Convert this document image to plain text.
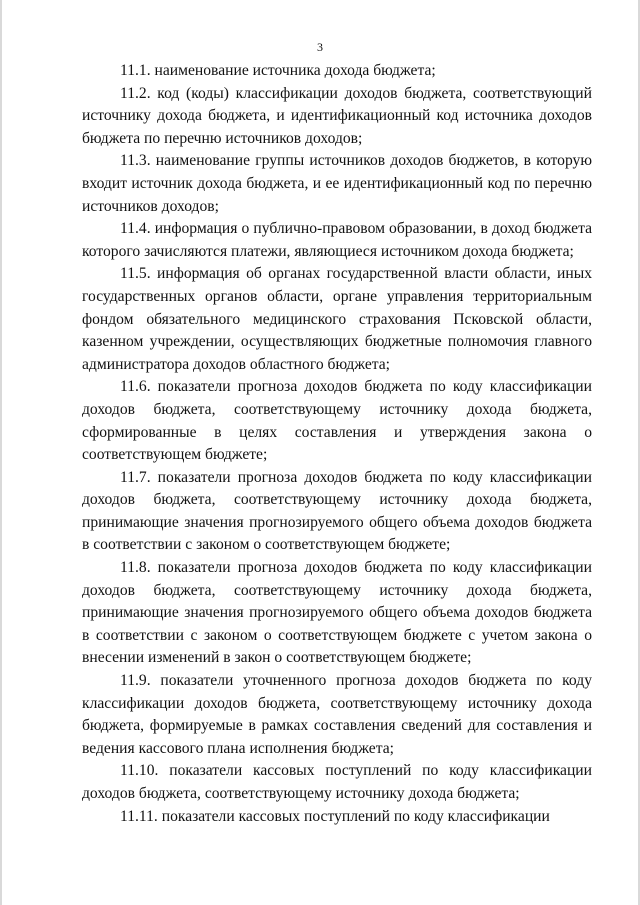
3

11.1. наименование источника дохода бюджета;

11.2. код (коды) классификации доходов бюджета, соответствующий источнику дохода бюджета, и идентификационный код источника доходов бюджета по перечню источников доходов;

11.3. наименование группы источников доходов бюджетов, в которую входит источник дохода бюджета, и ее идентификационный код по перечню источников доходов;

11.4. информация о публично-правовом образовании, в доход бюджета которого зачисляются платежи, являющиеся источником дохода бюджета;

11.5. информация об органах государственной власти области, иных государственных органов области, органе управления территориальным фондом обязательного медицинского страхования Псковской области, казенном учреждении, осуществляющих бюджетные полномочия главного администратора доходов областного бюджета;

11.6. показатели прогноза доходов бюджета по коду классификации доходов бюджета, соответствующему источнику дохода бюджета, сформированные в целях составления и утверждения закона о соответствующем бюджете;

11.7. показатели прогноза доходов бюджета по коду классификации доходов бюджета, соответствующему источнику дохода бюджета, принимающие значения прогнозируемого общего объема доходов бюджета в соответствии с законом о соответствующем бюджете;

11.8. показатели прогноза доходов бюджета по коду классификации доходов бюджета, соответствующему источнику дохода бюджета, принимающие значения прогнозируемого общего объема доходов бюджета в соответствии с законом о соответствующем бюджете с учетом закона о внесении изменений в закон о соответствующем бюджете;

11.9. показатели уточненного прогноза доходов бюджета по коду классификации доходов бюджета, соответствующему источнику дохода бюджета, формируемые в рамках составления сведений для составления и ведения кассового плана исполнения бюджета;

11.10. показатели кассовых поступлений по коду классификации доходов бюджета, соответствующему источнику дохода бюджета;

11.11. показатели кассовых поступлений по коду классификации
